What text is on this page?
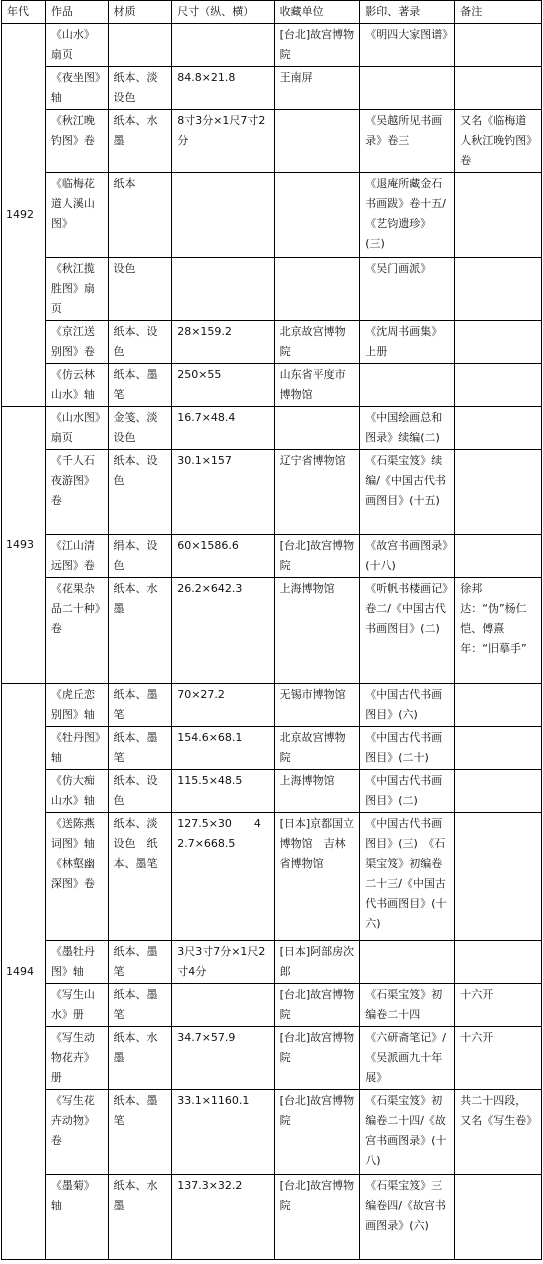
年代	作品	材质	尺寸（纵、横）	收藏单位	影印、著录	备注
1492	《山水》扇页			[台北]故宫博物院	《明四大家图谱》	
	《夜坐图》轴	纸本、淡设色	84.8×21.8	王南屏		
	《秋江晚钓图》卷	纸本、水墨	8寸3分×1尺7寸2分		《吴越所见书画录》卷三	又名《临梅道人秋江晚钓图》卷
	《临梅花道人溪山图》	纸本			《退庵所藏金石书画跋》卷十五/《艺钧遗珍》(三)	
	《秋江揽胜图》扇页	设色			《吴门画派》	
	《京江送别图》卷	纸本、设色	28×159.2	北京故宫博物院	《沈周书画集》上册	
	《仿云林山水》轴	纸本、墨笔	250×55	山东省平度市博物馆		
1493	《山水图》扇页	金笺、淡设色	16.7×48.4		《中国绘画总和图录》续编(二)	
	《千人石夜游图》卷	纸本、设色	30.1×157	辽宁省博物馆	《石渠宝笈》续编/《中国古代书画图目》(十五)	
	《江山清远图》卷	绢本、设色	60×1586.6	[台北]故宫博物院	《故宫书画图录》(十八)	
	《花果杂品二十种》卷	纸本、水墨	26.2×642.3	上海博物馆	《听帆书楼画记》卷二/《中国古代书画图目》(二)	徐邦达：“伪”杨仁恺、傅熹年：“旧摹手”
1494	《虎丘恋别图》轴	纸本、墨笔	70×27.2	无锡市博物馆	《中国古代书画图目》(六)	
	《牡丹图》轴	纸本、墨笔	154.6×68.1	北京故宫博物院	《中国古代书画图目》(二十)	
	《仿大痴山水》轴	纸本、设色	115.5×48.5	上海博物馆	《中国古代书画图目》(二)	
	《送陈燕词图》轴　《林壑幽深图》卷	纸本、淡设色　纸本、墨笔	127.5×30　　42.7×668.5	[日本]京都国立博物馆　吉林省博物馆	《中国古代书画图目》(三)　《石渠宝笈》初编卷二十三/《中国古代书画图目》(十六)	
	《墨牡丹图》轴	纸本、墨笔	3尺3寸7分×1尺2寸4分	[日本]阿部房次郎		
	《写生山水》册	纸本、墨笔		[台北]故宫博物院	《石渠宝笈》初编卷二十四	十六开
	《写生动物花卉》册	纸本、水墨	34.7×57.9	[台北]故宫博物院	《六研斋笔记》/《吴派画九十年展》	十六开
	《写生花卉动物》卷	纸本、墨笔	33.1×1160.1	[台北]故宫博物院	《石渠宝笈》初编卷二十四/《故宫书画图录》(十八)	共二十四段，又名《写生卷》
	《墨菊》轴	纸本、水墨	137.3×32.2	[台北]故宫博物院	《石渠宝笈》三编卷四/《故宫书画图录》(六)	
